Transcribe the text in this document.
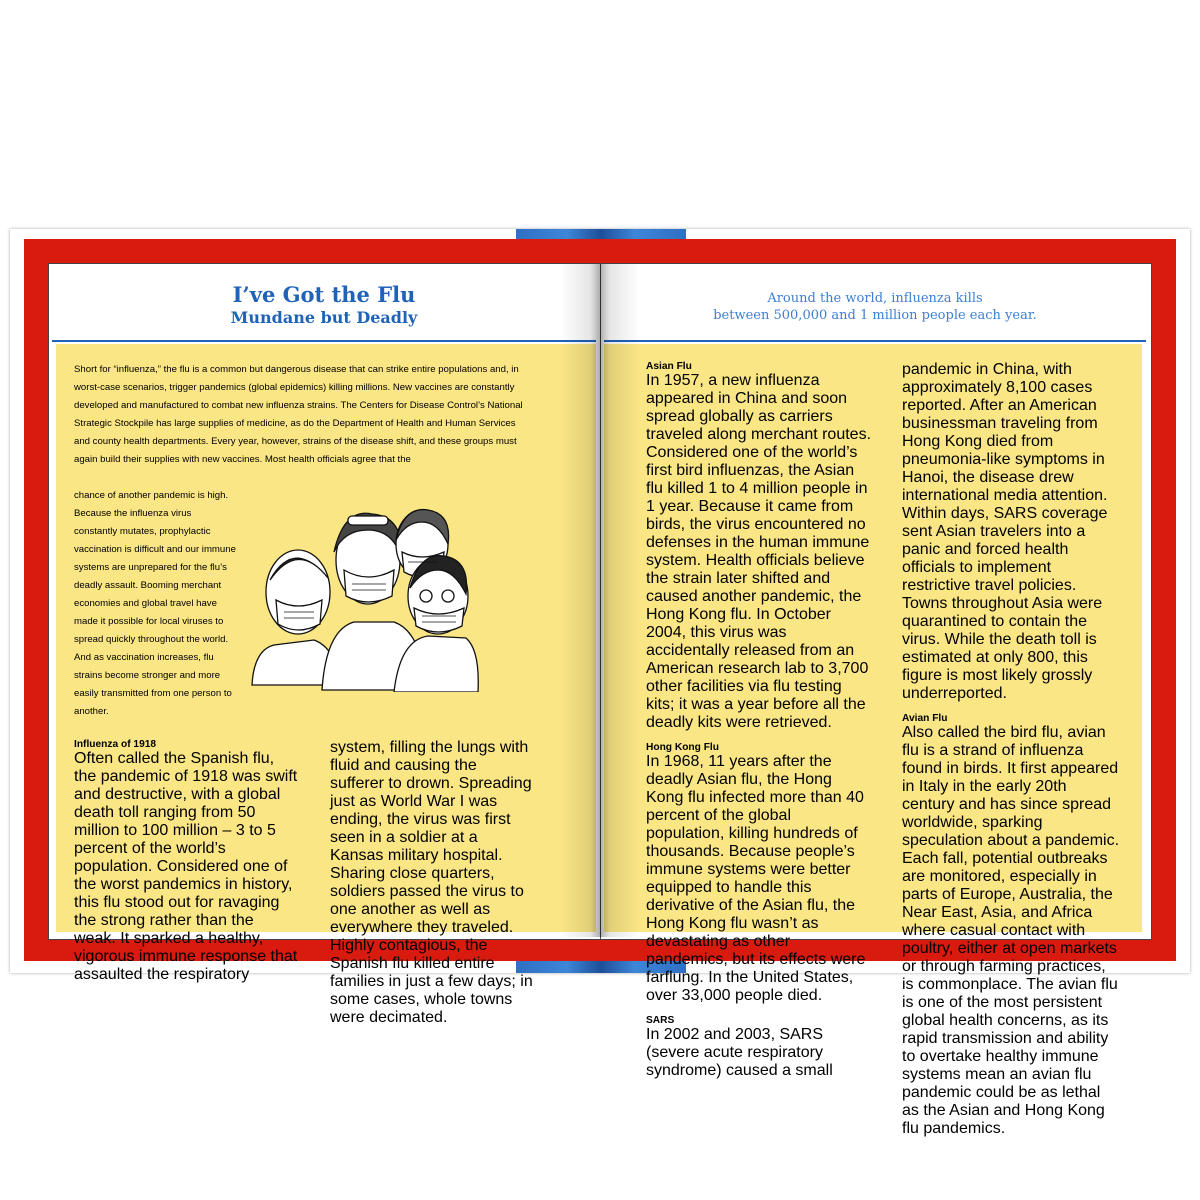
I’ve Got the Flu
Mundane but Deadly
Around the world, influenza kills
between 500,000 and 1 million people each year.

Short for “influenza,” the flu is a common but dangerous disease that can strike entire populations and, in worst-case scenarios, trigger pandemics (global epidemics) killing millions. New vaccines are constantly developed and manufactured to combat new influenza strains. The Centers for Disease Control’s National Strategic Stockpile has large supplies of medicine, as do the Department of Health and Human Services and county health departments. Every year, however, strains of the disease shift, and these groups must again build their supplies with new vaccines. Most health officials agree that the

chance of another pandemic is high. Because the influenza virus constantly mutates, prophylactic vaccination is difficult and our immune systems are unprepared for the flu’s deadly assault. Booming merchant economies and global travel have made it possible for local viruses to spread quickly throughout the world. And as vaccination increases, flu strains become stronger and more easily transmitted from one person to another.

Influenza of 1918

Often called the Spanish flu, the pandemic of 1918 was swift and destructive, with a global death toll ranging from 50 million to 100 million – 3 to 5 percent of the world’s population. Considered one of the worst pandemics in history, this flu stood out for ravaging the strong rather than the weak. It sparked a healthy, vigorous immune response that assaulted the respiratory

system, filling the lungs with fluid and causing the sufferer to drown. Spreading just as World War I was ending, the virus was first seen in a soldier at a Kansas military hospital. Sharing close quarters, soldiers passed the virus to one another as well as everywhere they traveled. Highly contagious, the Spanish flu killed entire families in just a few days; in some cases, whole towns were decimated.

Asian Flu

In 1957, a new influenza appeared in China and soon spread globally as carriers traveled along merchant routes. Considered one of the world’s first bird influenzas, the Asian flu killed 1 to 4 million people in 1 year. Because it came from birds, the virus encountered no defenses in the human immune system. Health officials believe the strain later shifted and caused another pandemic, the Hong Kong flu. In October 2004, this virus was accidentally released from an American research lab to 3,700 other facilities via flu testing kits; it was a year before all the deadly kits were retrieved.

Hong Kong Flu

In 1968, 11 years after the deadly Asian flu, the Hong Kong flu infected more than 40 percent of the global population, killing hundreds of thousands. Because people’s immune systems were better equipped to handle this derivative of the Asian flu, the Hong Kong flu wasn’t as devastating as other pandemics, but its effects were farflung. In the United States, over 33,000 people died.

SARS

In 2002 and 2003, SARS (severe acute respiratory syndrome) caused a small

pandemic in China, with approximately 8,100 cases reported. After an American businessman traveling from Hong Kong died from pneumonia-like symptoms in Hanoi, the disease drew international media attention. Within days, SARS coverage sent Asian travelers into a panic and forced health officials to implement restrictive travel policies. Towns throughout Asia were quarantined to contain the virus. While the death toll is estimated at only 800, this figure is most likely grossly underreported.

Avian Flu

Also called the bird flu, avian flu is a strand of influenza found in birds. It first appeared in Italy in the early 20th century and has since spread worldwide, sparking speculation about a pandemic. Each fall, potential outbreaks are monitored, especially in parts of Europe, Australia, the Near East, Asia, and Africa where casual contact with poultry, either at open markets or through farming practices, is commonplace. The avian flu is one of the most persistent global health concerns, as its rapid transmission and ability to overtake healthy immune systems mean an avian flu pandemic could be as lethal as the Asian and Hong Kong flu pandemics.
